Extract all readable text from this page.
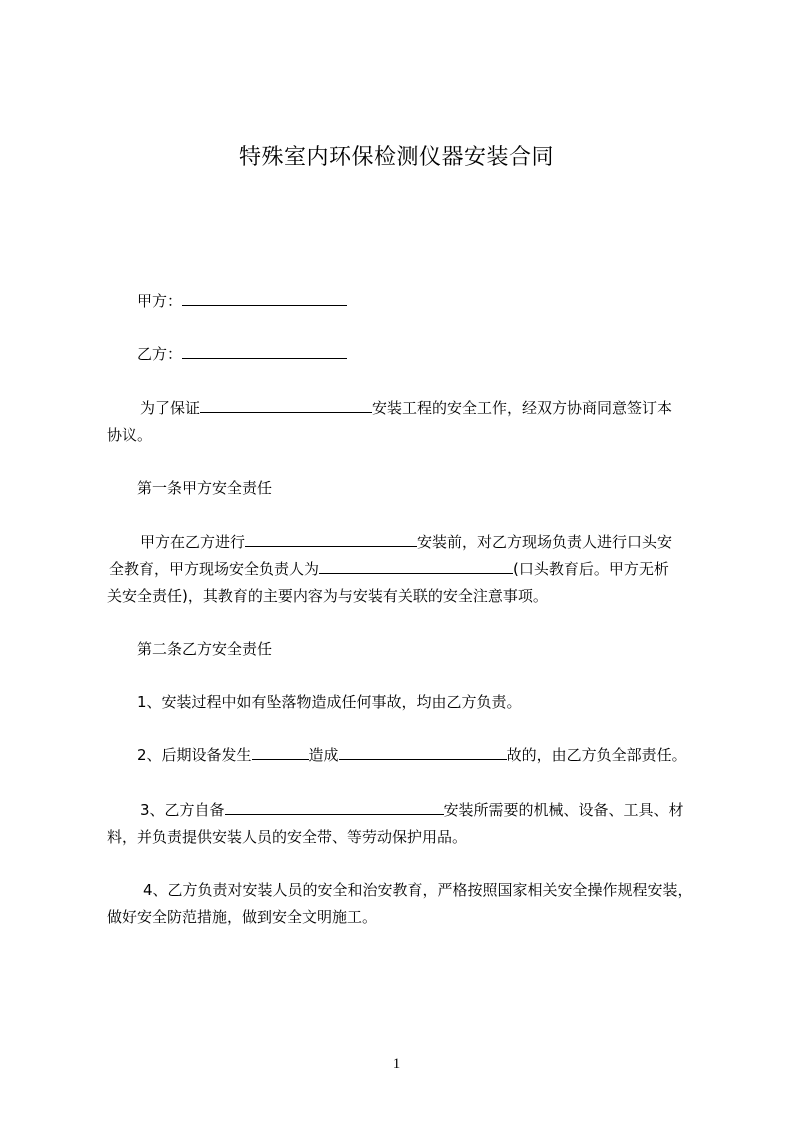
特殊室内环保检测仪器安装合同
甲方：
乙方：
为了保证	安装工程的安全工作，经双方协商同意签订本
协议。
第一条甲方安全责任
甲方在乙方进行	安装前，对乙方现场负责人进行口头安
全教育，甲方现场安全负责人为	(口头教育后。甲方无析
关安全责任)，其教育的主要内容为与安装有关联的安全注意事项。
第二条乙方安全责任
1、安装过程中如有坠落物造成任何事故，均由乙方负责。
2、后期设备发生	造成	故的，由乙方负全部责任。
3、乙方自备	安装所需要的机械、设备、工具、材
料，并负责提供安装人员的安全带、等劳动保护用品。
4、乙方负责对安装人员的安全和治安教育，严格按照国家相关安全操作规程安装，
做好安全防范措施，做到安全文明施工。
1
